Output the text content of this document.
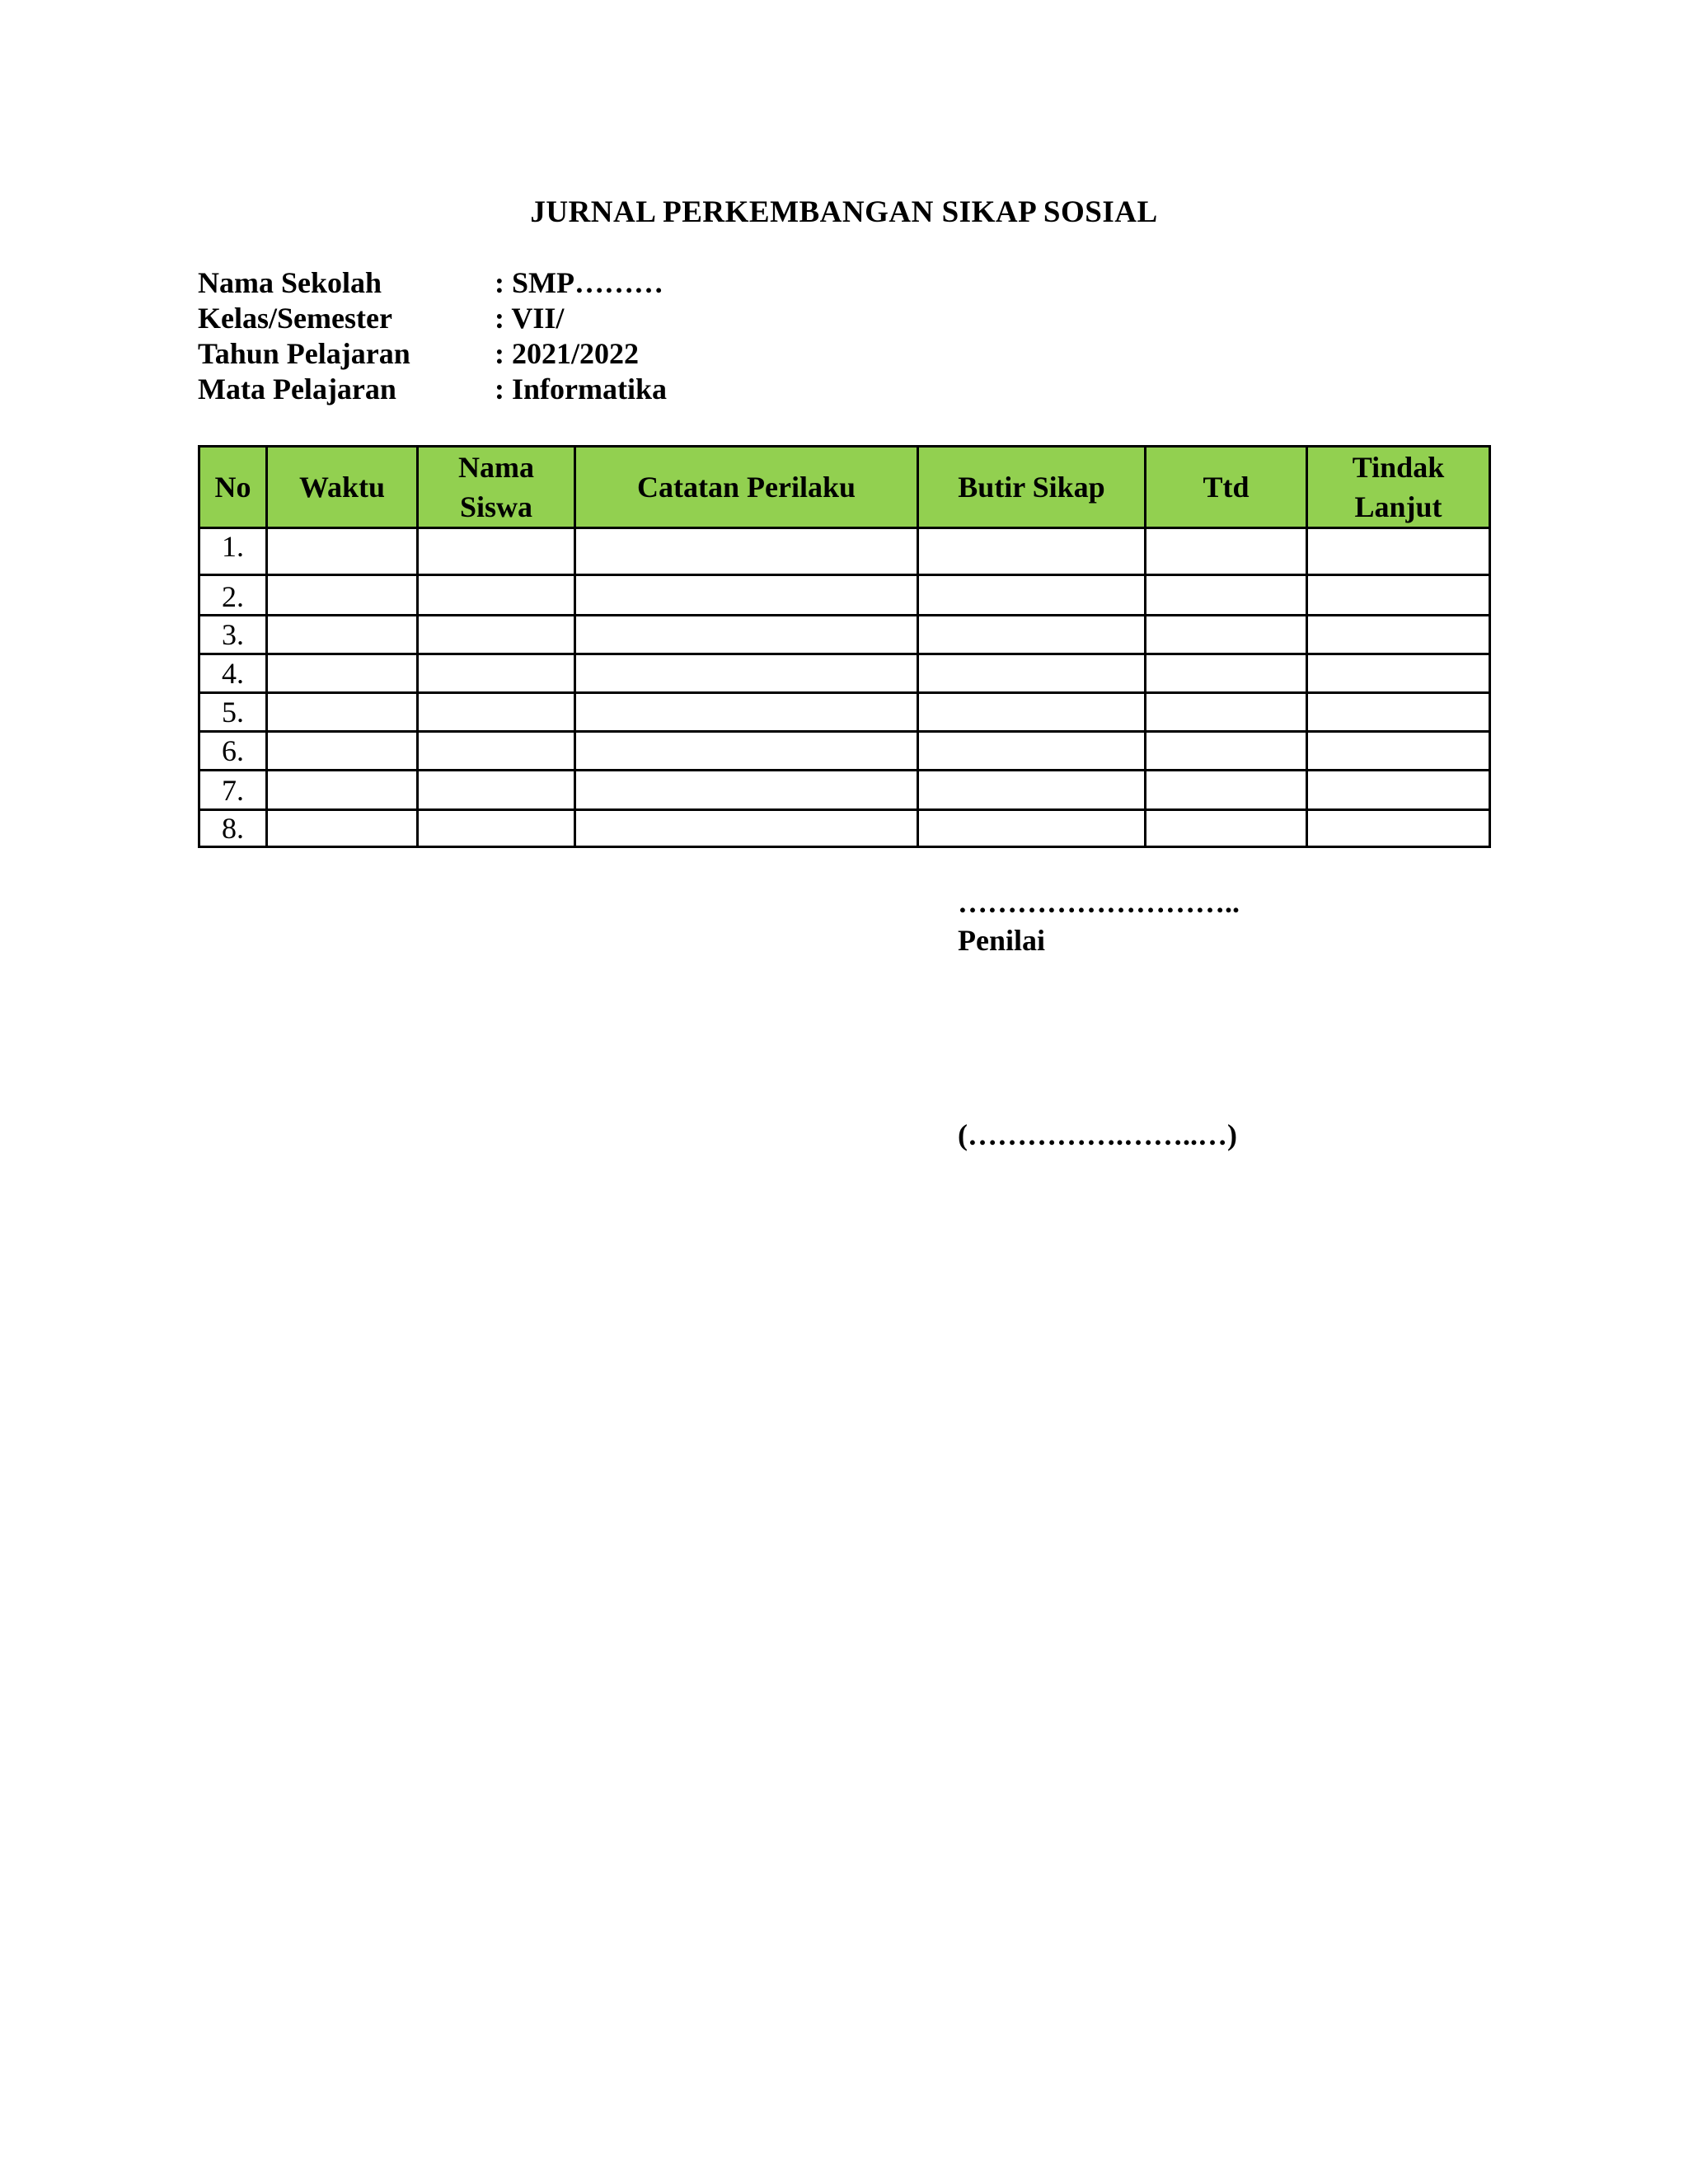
JURNAL PERKEMBANGAN SIKAP SOSIAL
Nama Sekolah	: SMP………
Kelas/Semester	: VII/
Tahun Pelajaran	: 2021/2022
Mata Pelajaran	: Informatika
No	Waktu	Nama Siswa	Catatan Perilaku	Butir Sikap	Ttd	Tindak Lanjut
1.						
2.						
3.						
4.						
5.						
6.						
7.						
8.						
………………………..
Penilai
(…………….……..…)
